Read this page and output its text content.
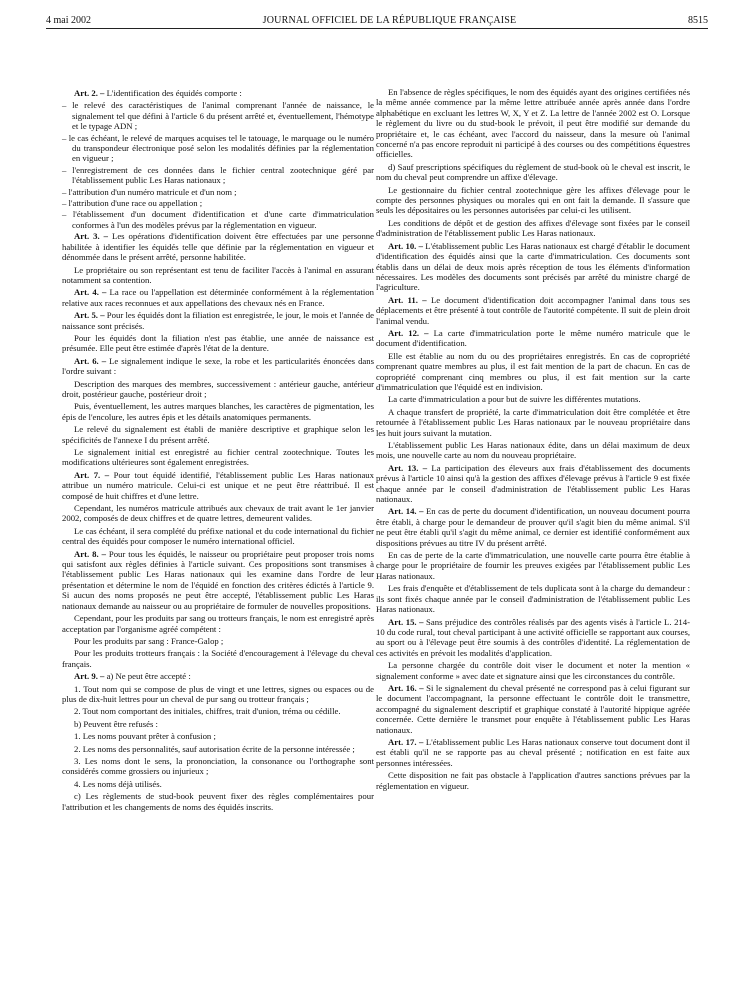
4 mai 2002	JOURNAL OFFICIEL DE LA RÉPUBLIQUE FRANÇAISE	8515

Art. 2. – L'identification des équidés comporte :

– le relevé des caractéristiques de l'animal comprenant l'année de naissance, le signalement tel que défini à l'article 6 du présent arrêté et, éventuellement, l'hémotype et le typage ADN ;
– le cas échéant, le relevé de marques acquises tel le tatouage, le marquage ou le numéro du transpondeur électronique posé selon les modalités définies par la réglementation en vigueur ;
– l'enregistrement de ces données dans le fichier central zootechnique géré par l'établissement public Les Haras nationaux ;
– l'attribution d'un numéro matricule et d'un nom ;
– l'attribution d'une race ou appellation ;
– l'établissement d'un document d'identification et d'une carte d'immatriculation conformes à l'un des modèles prévus par la réglementation en vigueur.

Art. 3. – Les opérations d'identification doivent être effectuées par une personne habilitée à identifier les équidés telle que définie par la réglementation en vigueur et dénommée dans le présent arrêté, personne habilitée.

Le propriétaire ou son représentant est tenu de faciliter l'accès à l'animal en assurant notamment sa contention.

Art. 4. – La race ou l'appellation est déterminée conformément à la réglementation relative aux races reconnues et aux appellations des chevaux nés en France.

Art. 5. – Pour les équidés dont la filiation est enregistrée, le jour, le mois et l'année de naissance sont précisés.

Pour les équidés dont la filiation n'est pas établie, une année de naissance est présumée. Elle peut être estimée d'après l'état de la denture.

Art. 6. – Le signalement indique le sexe, la robe et les particularités énoncées dans l'ordre suivant :

Description des marques des membres, successivement : antérieur gauche, antérieur droit, postérieur gauche, postérieur droit ;

Puis, éventuellement, les autres marques blanches, les caractères de pigmentation, les épis de l'encolure, les autres épis et les détails anatomiques permanents.

Le relevé du signalement est établi de manière descriptive et graphique selon les spécificités de l'annexe I du présent arrêté.

Le signalement initial est enregistré au fichier central zootechnique. Toutes les modifications ultérieures sont également enregistrées.

Art. 7. – Pour tout équidé identifié, l'établissement public Les Haras nationaux attribue un numéro matricule. Celui-ci est unique et ne peut être réattribué. Il est composé de huit chiffres et d'une lettre.

Cependant, les numéros matricule attribués aux chevaux de trait avant le 1er janvier 2002, composés de deux chiffres et de quatre lettres, demeurent valides.

Le cas échéant, il sera complété du préfixe national et du code international du fichier central des équidés pour composer le numéro international officiel.

Art. 8. – Pour tous les équidés, le naisseur ou propriétaire peut proposer trois noms qui satisfont aux règles définies à l'article suivant. Ces propositions sont transmises à l'établissement public Les Haras nationaux qui les examine dans l'ordre de leur présentation et détermine le nom de l'équidé en fonction des critères édictés à l'article 9. Si aucun des noms proposés ne peut être accepté, l'établissement public Les Haras nationaux demande au naisseur ou au propriétaire de formuler de nouvelles propositions.

Cependant, pour les produits par sang ou trotteurs français, le nom est enregistré après acceptation par l'organisme agréé compétent :

Pour les produits par sang : France-Galop ;

Pour les produits trotteurs français : la Société d'encouragement à l'élevage du cheval français.

Art. 9. – a) Ne peut être accepté :

1. Tout nom qui se compose de plus de vingt et une lettres, signes ou espaces ou de plus de dix-huit lettres pour un cheval de pur sang ou trotteur français ;

2. Tout nom comportant des initiales, chiffres, trait d'union, tréma ou cédille.

b) Peuvent être refusés :

1. Les noms pouvant prêter à confusion ;

2. Les noms des personnalités, sauf autorisation écrite de la personne intéressée ;

3. Les noms dont le sens, la prononciation, la consonance ou l'orthographe sont considérés comme grossiers ou injurieux ;

4. Les noms déjà utilisés.

c) Les règlements de stud-book peuvent fixer des règles complémentaires pour l'attribution et les changements de noms des équidés inscrits.

En l'absence de règles spécifiques, le nom des équidés ayant des origines certifiées nés la même année commence par la même lettre attribuée année après année dans l'ordre alphabétique en excluant les lettres W, X, Y et Z. La lettre de l'année 2002 est O. Lorsque le règlement du livre ou du stud-book le prévoit, il peut être modifié sur demande du propriétaire et, le cas échéant, avec l'accord du naisseur, dans la mesure où l'animal concerné n'a pas encore reproduit ni participé à des courses ou des compétitions équestres officielles.

d) Sauf prescriptions spécifiques du règlement de stud-book où le cheval est inscrit, le nom du cheval peut comprendre un affixe d'élevage.

Le gestionnaire du fichier central zootechnique gère les affixes d'élevage pour le compte des personnes physiques ou morales qui en ont fait la demande. Il s'assure que seuls les dépositaires ou les personnes autorisées par celui-ci les utilisent.

Les conditions de dépôt et de gestion des affixes d'élevage sont fixées par le conseil d'administration de l'établissement public Les Haras nationaux.

Art. 10. – L'établissement public Les Haras nationaux est chargé d'établir le document d'identification des équidés ainsi que la carte d'immatriculation. Ces documents sont établis dans un délai de deux mois après réception de tous les éléments d'information nécessaires. Les modèles des documents sont précisés par arrêté du ministre chargé de l'agriculture.

Art. 11. – Le document d'identification doit accompagner l'animal dans tous ses déplacements et être présenté à tout contrôle de l'autorité compétente. Il suit de plein droit l'animal vendu.

Art. 12. – La carte d'immatriculation porte le même numéro matricule que le document d'identification.

Elle est établie au nom du ou des propriétaires enregistrés. En cas de copropriété comprenant quatre membres au plus, il est fait mention de la part de chacun. En cas de copropriété comprenant cinq membres ou plus, il est fait mention sur la carte d'immatriculation que l'équidé est en indivision.

La carte d'immatriculation a pour but de suivre les différentes mutations.

A chaque transfert de propriété, la carte d'immatriculation doit être complétée et être retournée à l'établissement public Les Haras nationaux par le nouveau propriétaire dans les huit jours suivant la mutation.

L'établissement public Les Haras nationaux édite, dans un délai maximum de deux mois, une nouvelle carte au nom du nouveau propriétaire.

Art. 13. – La participation des éleveurs aux frais d'établissement des documents prévus à l'article 10 ainsi qu'à la gestion des affixes d'élevage prévus à l'article 9 est fixée chaque année par le conseil d'administration de l'établissement public Les Haras nationaux.

Art. 14. – En cas de perte du document d'identification, un nouveau document pourra être établi, à charge pour le demandeur de prouver qu'il s'agit bien du même animal. S'il ne peut être établi qu'il s'agit du même animal, ce dernier est identifié conformément aux dispositions prévues au titre IV du présent arrêté.

En cas de perte de la carte d'immatriculation, une nouvelle carte pourra être établie à charge pour le propriétaire de fournir les preuves exigées par l'établissement public Les Haras nationaux.

Les frais d'enquête et d'établissement de tels duplicata sont à la charge du demandeur : ils sont fixés chaque année par le conseil d'administration de l'établissement public Les Haras nationaux.

Art. 15. – Sans préjudice des contrôles réalisés par des agents visés à l'article L. 214-10 du code rural, tout cheval participant à une activité officielle se rapportant aux courses, au sport ou à l'élevage peut être soumis à des contrôles d'identité. La réglementation de ces activités en prévoit les modalités d'application.

La personne chargée du contrôle doit viser le document et noter la mention « signalement conforme » avec date et signature ainsi que les circonstances du contrôle.

Art. 16. – Si le signalement du cheval présenté ne correspond pas à celui figurant sur le document l'accompagnant, la personne effectuant le contrôle doit le transmettre, accompagné du signalement descriptif et graphique constaté à l'autorité hippique agréée concernée. Cette dernière le transmet pour enquête à l'établissement public Les Haras nationaux.

Art. 17. – L'établissement public Les Haras nationaux conserve tout document dont il est établi qu'il ne se rapporte pas au cheval présenté ; notification en est faite aux personnes intéressées.

Cette disposition ne fait pas obstacle à l'application d'autres sanctions prévues par la réglementation en vigueur.
